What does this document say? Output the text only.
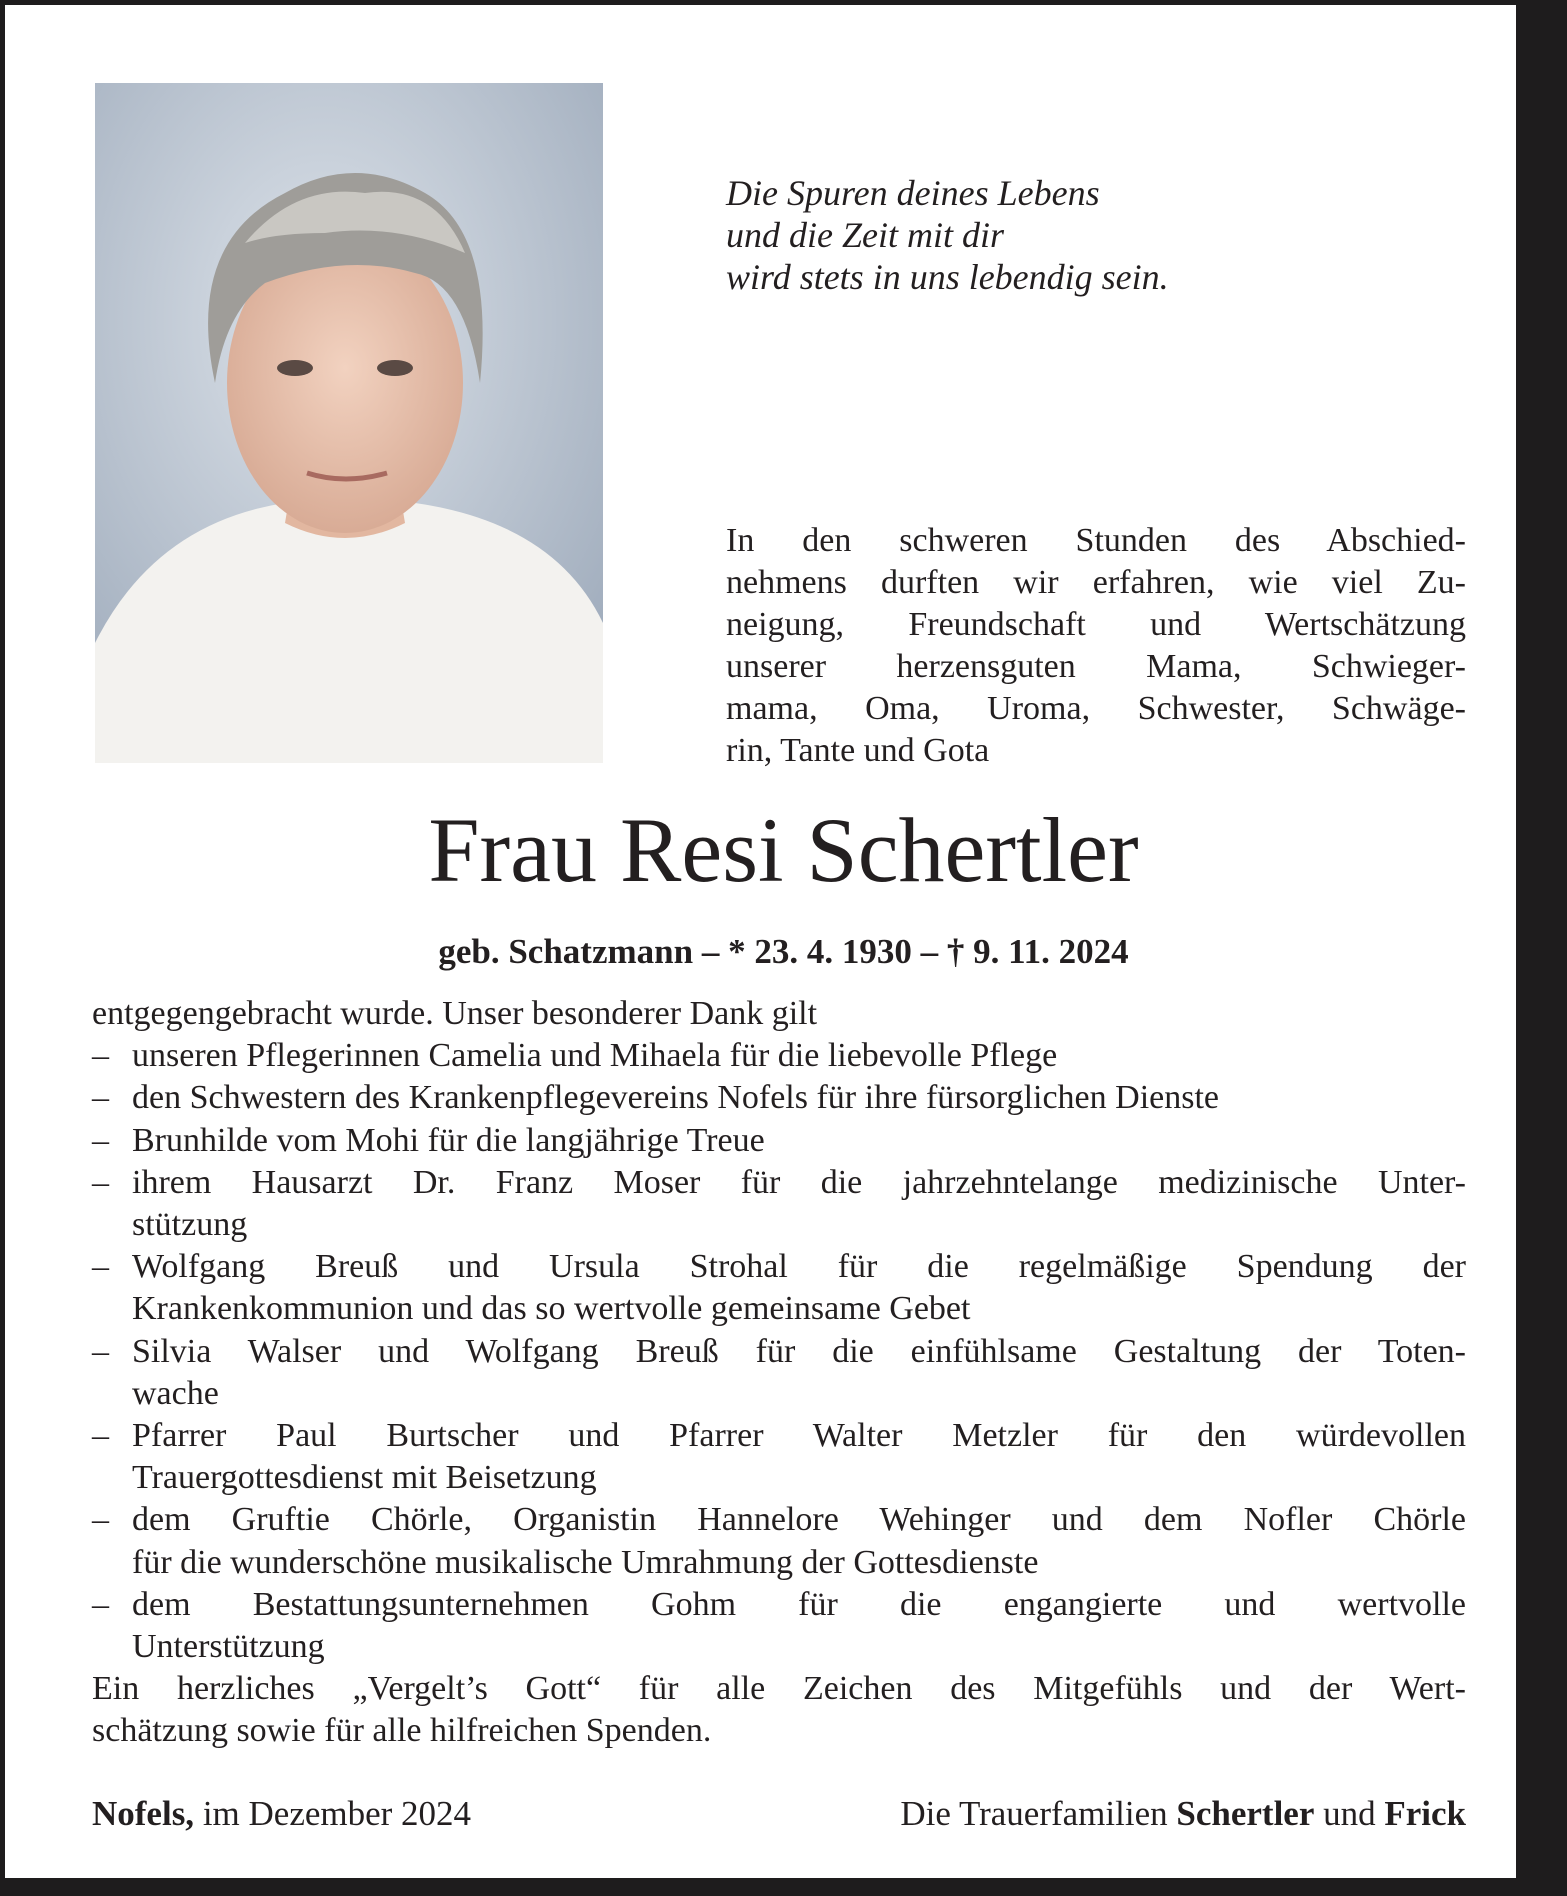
Die Spuren deines Lebens
und die Zeit mit dir
wird stets in uns lebendig sein.
In den schweren Stunden des Abschied-
nehmens durften wir erfahren, wie viel Zu-
neigung, Freundschaft und Wertschätzung
unserer herzensguten Mama, Schwieger-
mama, Oma, Uroma, Schwester, Schwäge-
rin, Tante und Gota
Frau Resi Schertler
geb. Schatzmann – * 23. 4. 1930 – † 9. 11. 2024
entgegengebracht wurde. Unser besonderer Dank gilt
– unseren Pflegerinnen Camelia und Mihaela für die liebevolle Pflege
– den Schwestern des Krankenpflegevereins Nofels für ihre fürsorglichen Dienste
– Brunhilde vom Mohi für die langjährige Treue
– ihrem Hausarzt Dr. Franz Moser für die jahrzehntelange medizinische Unter-
stützung
– Wolfgang Breuß und Ursula Strohal für die regelmäßige Spendung der
Krankenkommunion und das so wertvolle gemeinsame Gebet
– Silvia Walser und Wolfgang Breuß für die einfühlsame Gestaltung der Toten-
wache
– Pfarrer Paul Burtscher und Pfarrer Walter Metzler für den würdevollen
Trauergottesdienst mit Beisetzung
– dem Gruftie Chörle, Organistin Hannelore Wehinger und dem Nofler Chörle
für die wunderschöne musikalische Umrahmung der Gottesdienste
– dem Bestattungsunternehmen Gohm für die engangierte und wertvolle
Unterstützung
Ein herzliches „Vergelt’s Gott“ für alle Zeichen des Mitgefühls und der Wert-
schätzung sowie für alle hilfreichen Spenden.
Nofels, im Dezember 2024	Die Trauerfamilien Schertler und Frick
